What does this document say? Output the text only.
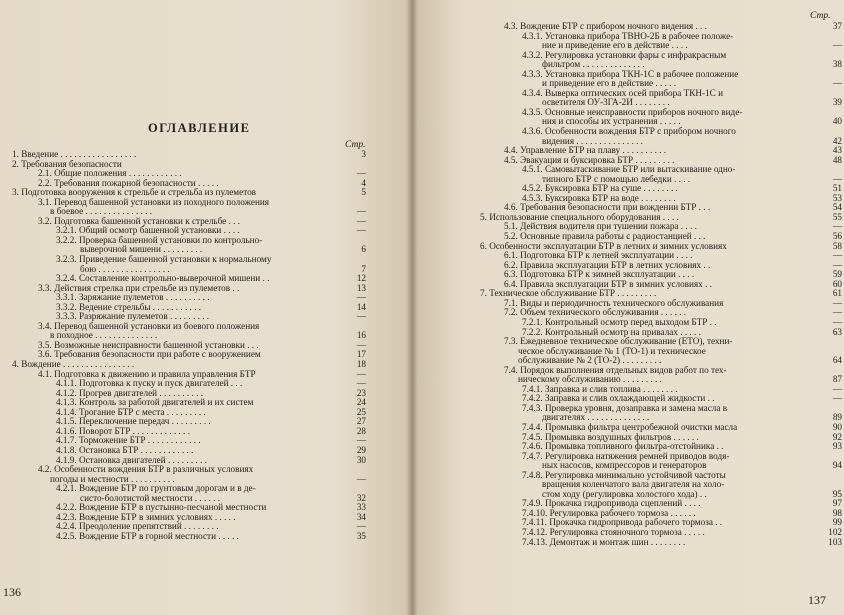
ОГЛАВЛЕНИЕ
Стр.
1. Введение . . . . . . . . . . . . . . . . .	3
2. Требования безопасности
2.1. Общие положения . . . . . . . . . . . .	—
2.2. Требования пожарной безопасности . . . . .	4
3. Подготовка вооружения к стрельбе и стрельба из пулеметов	5
3.1. Перевод башенной установки из походного положения
в боевое . . . . . . . . . . . . . . .	—
3.2. Подготовка башенной установки к стрельбе . . .	—
3.2.1. Общий осмотр башенной установки . . . .	—
3.2.2. Проверка башенной установки по контрольно-
выверочной мишени . . . . . . . . .	6
3.2.3. Приведение башенной установки к нормальному
бою . . . . . . . . . . . . . . . .	7
3.2.4. Составление контрольно-выверочной мишени . .	12
3.3. Действия стрелка при стрельбе из пулеметов . .	13
3.3.1. Заряжание пулеметов . . . . . . . . . .	—
3.3.2. Ведение стрельбы . . . . . . . . . . .	14
3.3.3. Разряжание пулеметов . . . . . . . . .	—
3.4. Перевод башенной установки из боевого положения
в походное . . . . . . . . . . . . . .	16
3.5. Возможные неисправности башенной установки . . .	—
3.6. Требования безопасности при работе с вооружением	17
4. Вождение . . . . . . . . . . . . . . . .	18
4.1. Подготовка к движению и правила управления БТР	—
4.1.1. Подготовка к пуску и пуск двигателей . . .	—
4.1.2. Прогрев двигателей . . . . . . . . . .	23
4.1.3. Контроль за работой двигателей и их систем	24
4.1.4. Трогание БТР с места . . . . . . . . .	25
4.1.5. Переключение передач . . . . . . . . .	27
4.1.6. Поворот БТР . . . . . . . . . . . . .	28
4.1.7. Торможение БТР . . . . . . . . . . . .	—
4.1.8. Остановка БТР . . . . . . . . . . . .	29
4.1.9. Остановка двигателей . . . . . . . . .	30
4.2. Особенности вождения БТР в различных условиях
погоды и местности . . . . . . . . . .	—
4.2.1. Вождение БТР по грунтовым дорогам и в де-
систо-болотистой местности . . . . . .	32
4.2.2. Вождение БТР в пустынно-песчаной местности	33
4.2.3. Вождение БТР в зимних условиях . . . . .	34
4.2.4. Преодоление препятствий . . . . . . . .	—
4.2.5. Вождение БТР в горной местности . . . . .	35
136
Стр.
4.3. Вождение БТР с прибором ночного видения . . .	37
4.3.1. Установка прибора ТВНО-2Б в рабочее положе-
ние и приведение его в действие . . . .	—
4.3.2. Регулировка установки фары с инфракрасным
фильтром . . . . . . . . . . . . . .	38
4.3.3. Установка прибора ТКН-1С в рабочее положение
и приведение его в действие . . . . .	—
4.3.4. Выверка оптических осей прибора ТКН-1С и
осветителя ОУ-3ГА-2И . . . . . . . .	39
4.3.5. Основные неисправности приборов ночного виде-
ния и способы их устранения . . . . .	40
4.3.6. Особенности вождения БТР с прибором ночного
видения . . . . . . . . . . . . . . .	42
4.4. Управление БТР на плаву . . . . . . . . . .	43
4.5. Эвакуация и буксировка БТР . . . . . . . . .	48
4.5.1. Самовытаскивание БТР или вытаскивание одно-
типного БТР с помощью лебедки . . . .	—
4.5.2. Буксировка БТР на суше . . . . . . . .	51
4.5.3. Буксировка БТР на воде . . . . . . . .	53
4.6. Требования безопасности при вождении БТР . . .	54
5. Использование специального оборудования . . . .	55
5.1. Действия водителя при тушении пожара . . . .	—
5.2. Основные правила работы с радиостанцией . . .	56
6. Особенности эксплуатации БТР в летних и зимних условиях	58
6.1. Подготовка БТР к летней эксплуатации . . . .	—
6.2. Правила эксплуатации БТР в летних условиях . .	—
6.3. Подготовка БТР к зимней эксплуатации . . . .	59
6.4. Правила эксплуатации БТР в зимних условиях . .	60
7. Техническое обслуживание БТР . . . . . . . . .	61
7.1. Виды и периодичность технического обслуживания	—
7.2. Объем технического обслуживания . . . . . .	—
7.2.1. Контрольный осмотр перед выходом БТР . .	—
7.2.2. Контрольный осмотр на привалах . . . . .	63
7.3. Ежедневное техническое обслуживание (ЕТО), техни-
ческое обслуживание № 1 (ТО-1) и техническое
обслуживание № 2 (ТО-2) . . . . . . . . .	64
7.4. Порядок выполнения отдельных видов работ по тех-
ническому обслуживанию . . . . . . . . .	87
7.4.1. Заправка и слив топлива . . . . . . . .	—
7.4.2. Заправка и слив охлаждающей жидкости . .	—
7.4.3. Проверка уровня, дозаправка и замена масла в
двигателях . . . . . . . . . . . . . .	89
7.4.4. Промывка фильтра центробежной очистки масла	90
7.4.5. Промывка воздушных фильтров . . . . . .	92
7.4.6. Промывка топливного фильтра-отстойника . .	93
7.4.7. Регулировка натяжения ремней приводов водя-
ных насосов, компрессоров и генераторов	94
7.4.8. Регулировка минимально устойчивой частоты
вращения коленчатого вала двигателя на холо-
стом ходу (регулировка холостого хода) . .	95
7.4.9. Прокачка гидропривода сцеплений . . . .	97
7.4.10. Регулировка рабочего тормоза . . . . . .	98
7.4.11. Прокачка гидропривода рабочего тормоза . .	99
7.4.12. Регулировка стояночного тормоза . . . . .	102
7.4.13. Демонтаж и монтаж шин . . . . . . . .	103
137
